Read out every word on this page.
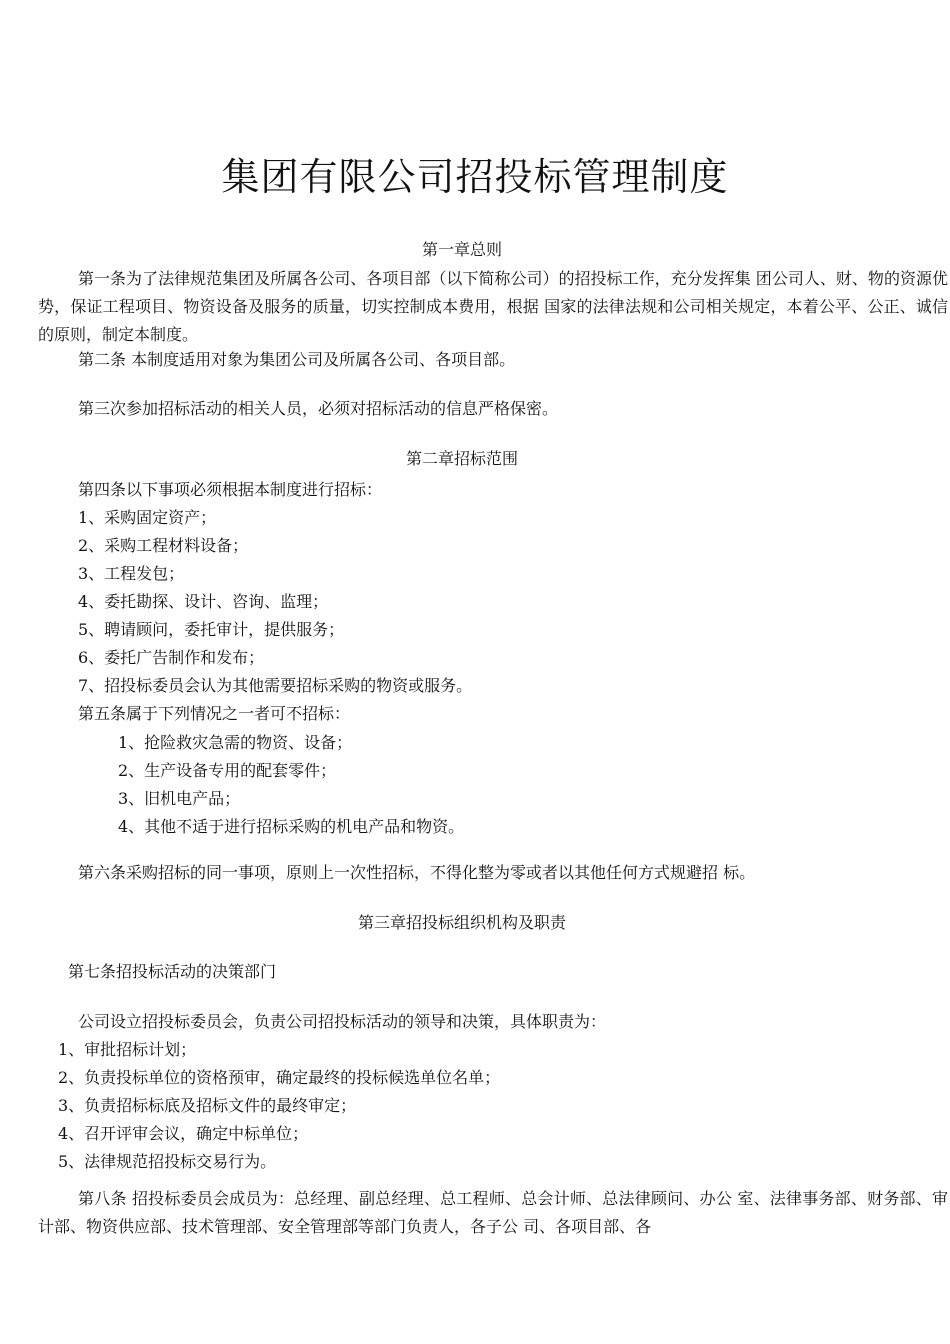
集团有限公司招投标管理制度

第一章总则

第一条为了法律规范集团及所属各公司、各项目部（以下简称公司）的招投标工作，充分发挥集 团公司人、财、物的资源优势，保证工程项目、物资设备及服务的质量，切实控制成本费用，根据 国家的法律法规和公司相关规定，本着公平、公正、诚信的原则，制定本制度。

第二条 本制度适用对象为集团公司及所属各公司、各项目部。

第三次参加招标活动的相关人员，必须对招标活动的信息严格保密。

第二章招标范围

第四条以下事项必须根据本制度进行招标：

1、采购固定资产；

2、采购工程材料设备；

3、工程发包；

4、委托勘探、设计、咨询、监理；

5、聘请顾问，委托审计，提供服务；

6、委托广告制作和发布；

7、招投标委员会认为其他需要招标采购的物资或服务。

第五条属于下列情况之一者可不招标：

1、抢险救灾急需的物资、设备；

2、生产设备专用的配套零件；

3、旧机电产品；

4、其他不适于进行招标采购的机电产品和物资。

第六条采购招标的同一事项，原则上一次性招标，不得化整为零或者以其他任何方式规避招 标。

第三章招投标组织机构及职责

第七条招投标活动的决策部门

公司设立招投标委员会，负责公司招投标活动的领导和决策，具体职责为：

1、审批招标计划；

2、负责投标单位的资格预审，确定最终的投标候选单位名单；

3、负责招标标底及招标文件的最终审定；

4、召开评审会议，确定中标单位；

5、法律规范招投标交易行为。

第八条 招投标委员会成员为：总经理、副总经理、总工程师、总会计师、总法律顾问、办公 室、法律事务部、财务部、审计部、物资供应部、技术管理部、安全管理部等部门负责人，各子公 司、各项目部、各
